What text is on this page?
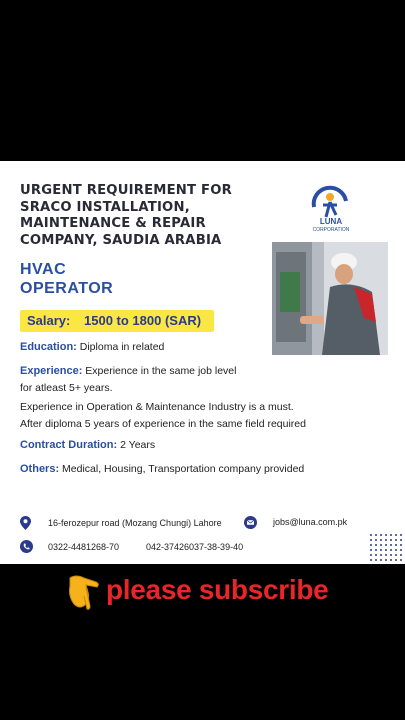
URGENT REQUIREMENT FOR
SRACO INSTALLATION,
MAINTENANCE & REPAIR
COMPANY, SAUDIA ARABIA
LUNA
CORPORATION
HVAC
OPERATOR
Salary: 1500 to 1800 (SAR)
Education: Diploma in related
Experience: Experience in the same job level
for atleast 5+ years.
Experience in Operation & Maintenance Industry is a must.
After diploma 5 years of experience in the same field required
Contract Duration: 2 Years
Others: Medical, Housing, Transportation company provided
16-ferozepur road (Mozang Chungi) Lahore	jobs@luna.com.pk
0322-4481268-70	042-37426037-38-39-40
please subscribe
